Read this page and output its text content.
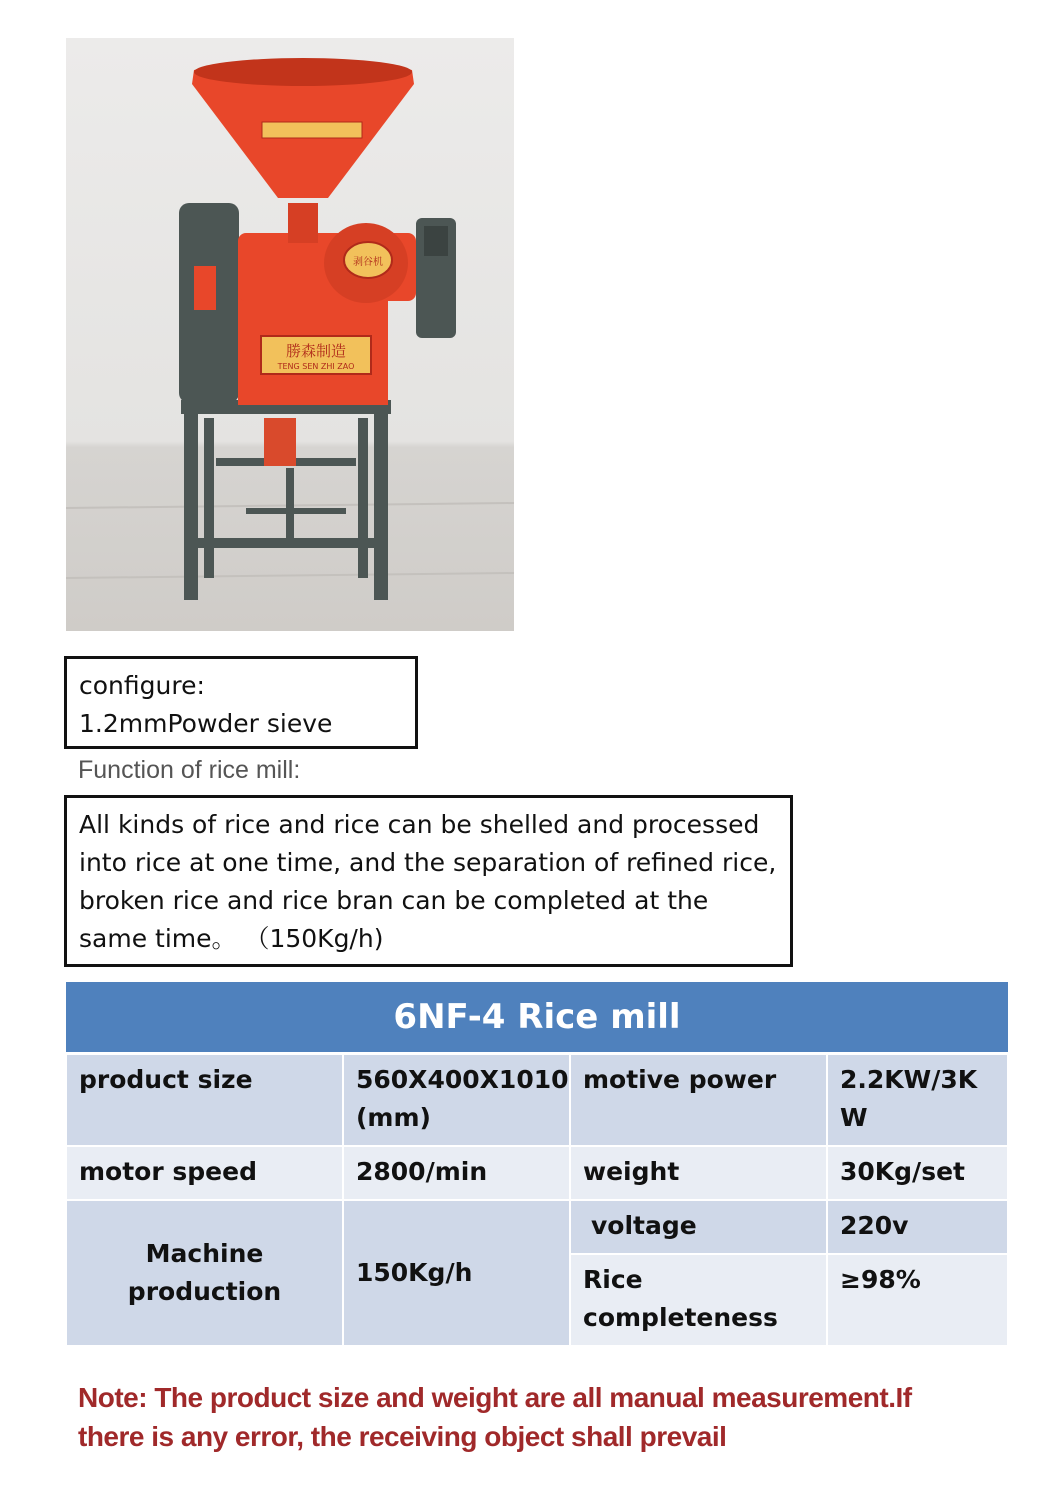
勝森制造
TENG SEN ZHI ZAO
剥谷机
configure:
1.2mmPowder sieve
Function of rice mill:
All kinds of rice and rice can be shelled and processed into rice at one time, and the separation of refined rice, broken rice and rice bran can be completed at the same time。 （150Kg/h)
6NF-4 Rice mill			
product size	560X400X1010 (mm)	motive power	2.2KW/3KW
motor speed	2800/min	weight	30Kg/set
Machine production	150Kg/h	voltage	220v
		Rice completeness	≥98%
Note: The product size and weight are all manual measurement.If there is any error, the receiving object shall prevail
